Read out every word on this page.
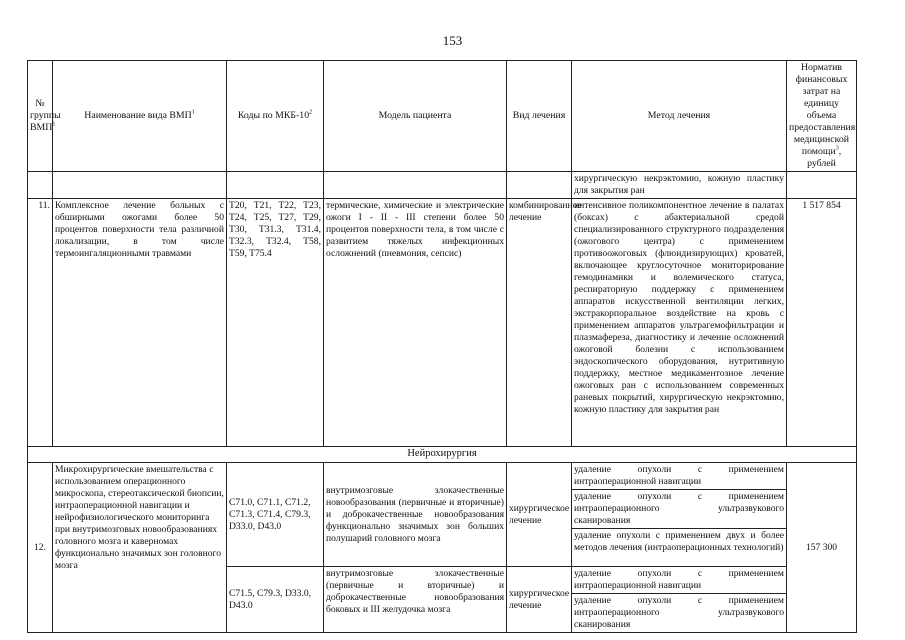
153
№ группы ВМП$^1$	Наименование вида ВМП$^1$	Коды по МКБ-$10^2$	Модель пациента	Вид лечения	Метод лечения	Норматив финансовых затрат на единицу объема предоставления медицинской помощи$^3$, рублей
					хирургическую некрэктомию, кожную пластику для закрытия ран	
11.	Комплексное лечение больных с обширными ожогами более 50 процентов поверхности тела различной локализации, в том числе термоингаляционными травмами	T20, T21, T22, T23, T24, T25, T27, T29, T30, T31.3, T31.4, T32.3, T32.4, T58, T59, T75.4	термические, химические и электрические ожоги I - II - III степени более 50 процентов поверхности тела, в том числе с развитием тяжелых инфекционных осложнений (пневмония, сепсис)	комбинированное лечение	интенсивное поликомпонентное лечение в палатах (боксах) с абактериальной средой специализированного структурного подразделения (ожогового центра) с применением противоожоговых (флюидизирующих) кроватей, включающее круглосуточное мониторирование гемодинамики и волемического статуса, респираторную поддержку с применением аппаратов искусственной вентиляции легких, экстракорпоральное воздействие на кровь с применением аппаратов ультрагемофильтрации и плазмафереза, диагностику и лечение осложнений ожоговой болезни с использованием эндоскопического оборудования, нутритивную поддержку, местное медикаментозное лечение ожоговых ран с использованием современных раневых покрытий, хирургическую некрэктомию, кожную пластику для закрытия ран	1 517 854
Нейрохирургия						
12.	Микрохирургические вмешательства с использованием операционного микроскопа, стереотаксической биопсии, интраоперационной навигации и нейрофизиологического мониторинга при внутримозговых новообразованиях головного мозга и каверномах функционально значимых зон головного мозга	C71.0, C71.1, C71.2, C71.3, C71.4, C79.3, D33.0, D43.0	внутримозговые злокачественные новообразования (первичные и вторичные) и доброкачественные новообразования функционально значимых зон больших полушарий головного мозга	хирургическое лечение	удаление опухоли с применением интраоперационной навигации	157 300
					удаление опухоли с применением интраоперационного ультразвукового сканирования	
					удаление опухоли с применением двух и более методов лечения (интраоперационных технологий)	
		C71.5, C79.3, D33.0, D43.0	внутримозговые злокачественные (первичные и вторичные) и доброкачественные новообразования боковых и III желудочка мозга	хирургическое лечение	удаление опухоли с применением интраоперационной навигации	
					удаление опухоли с применением интраоперационного ультразвукового сканирования	
